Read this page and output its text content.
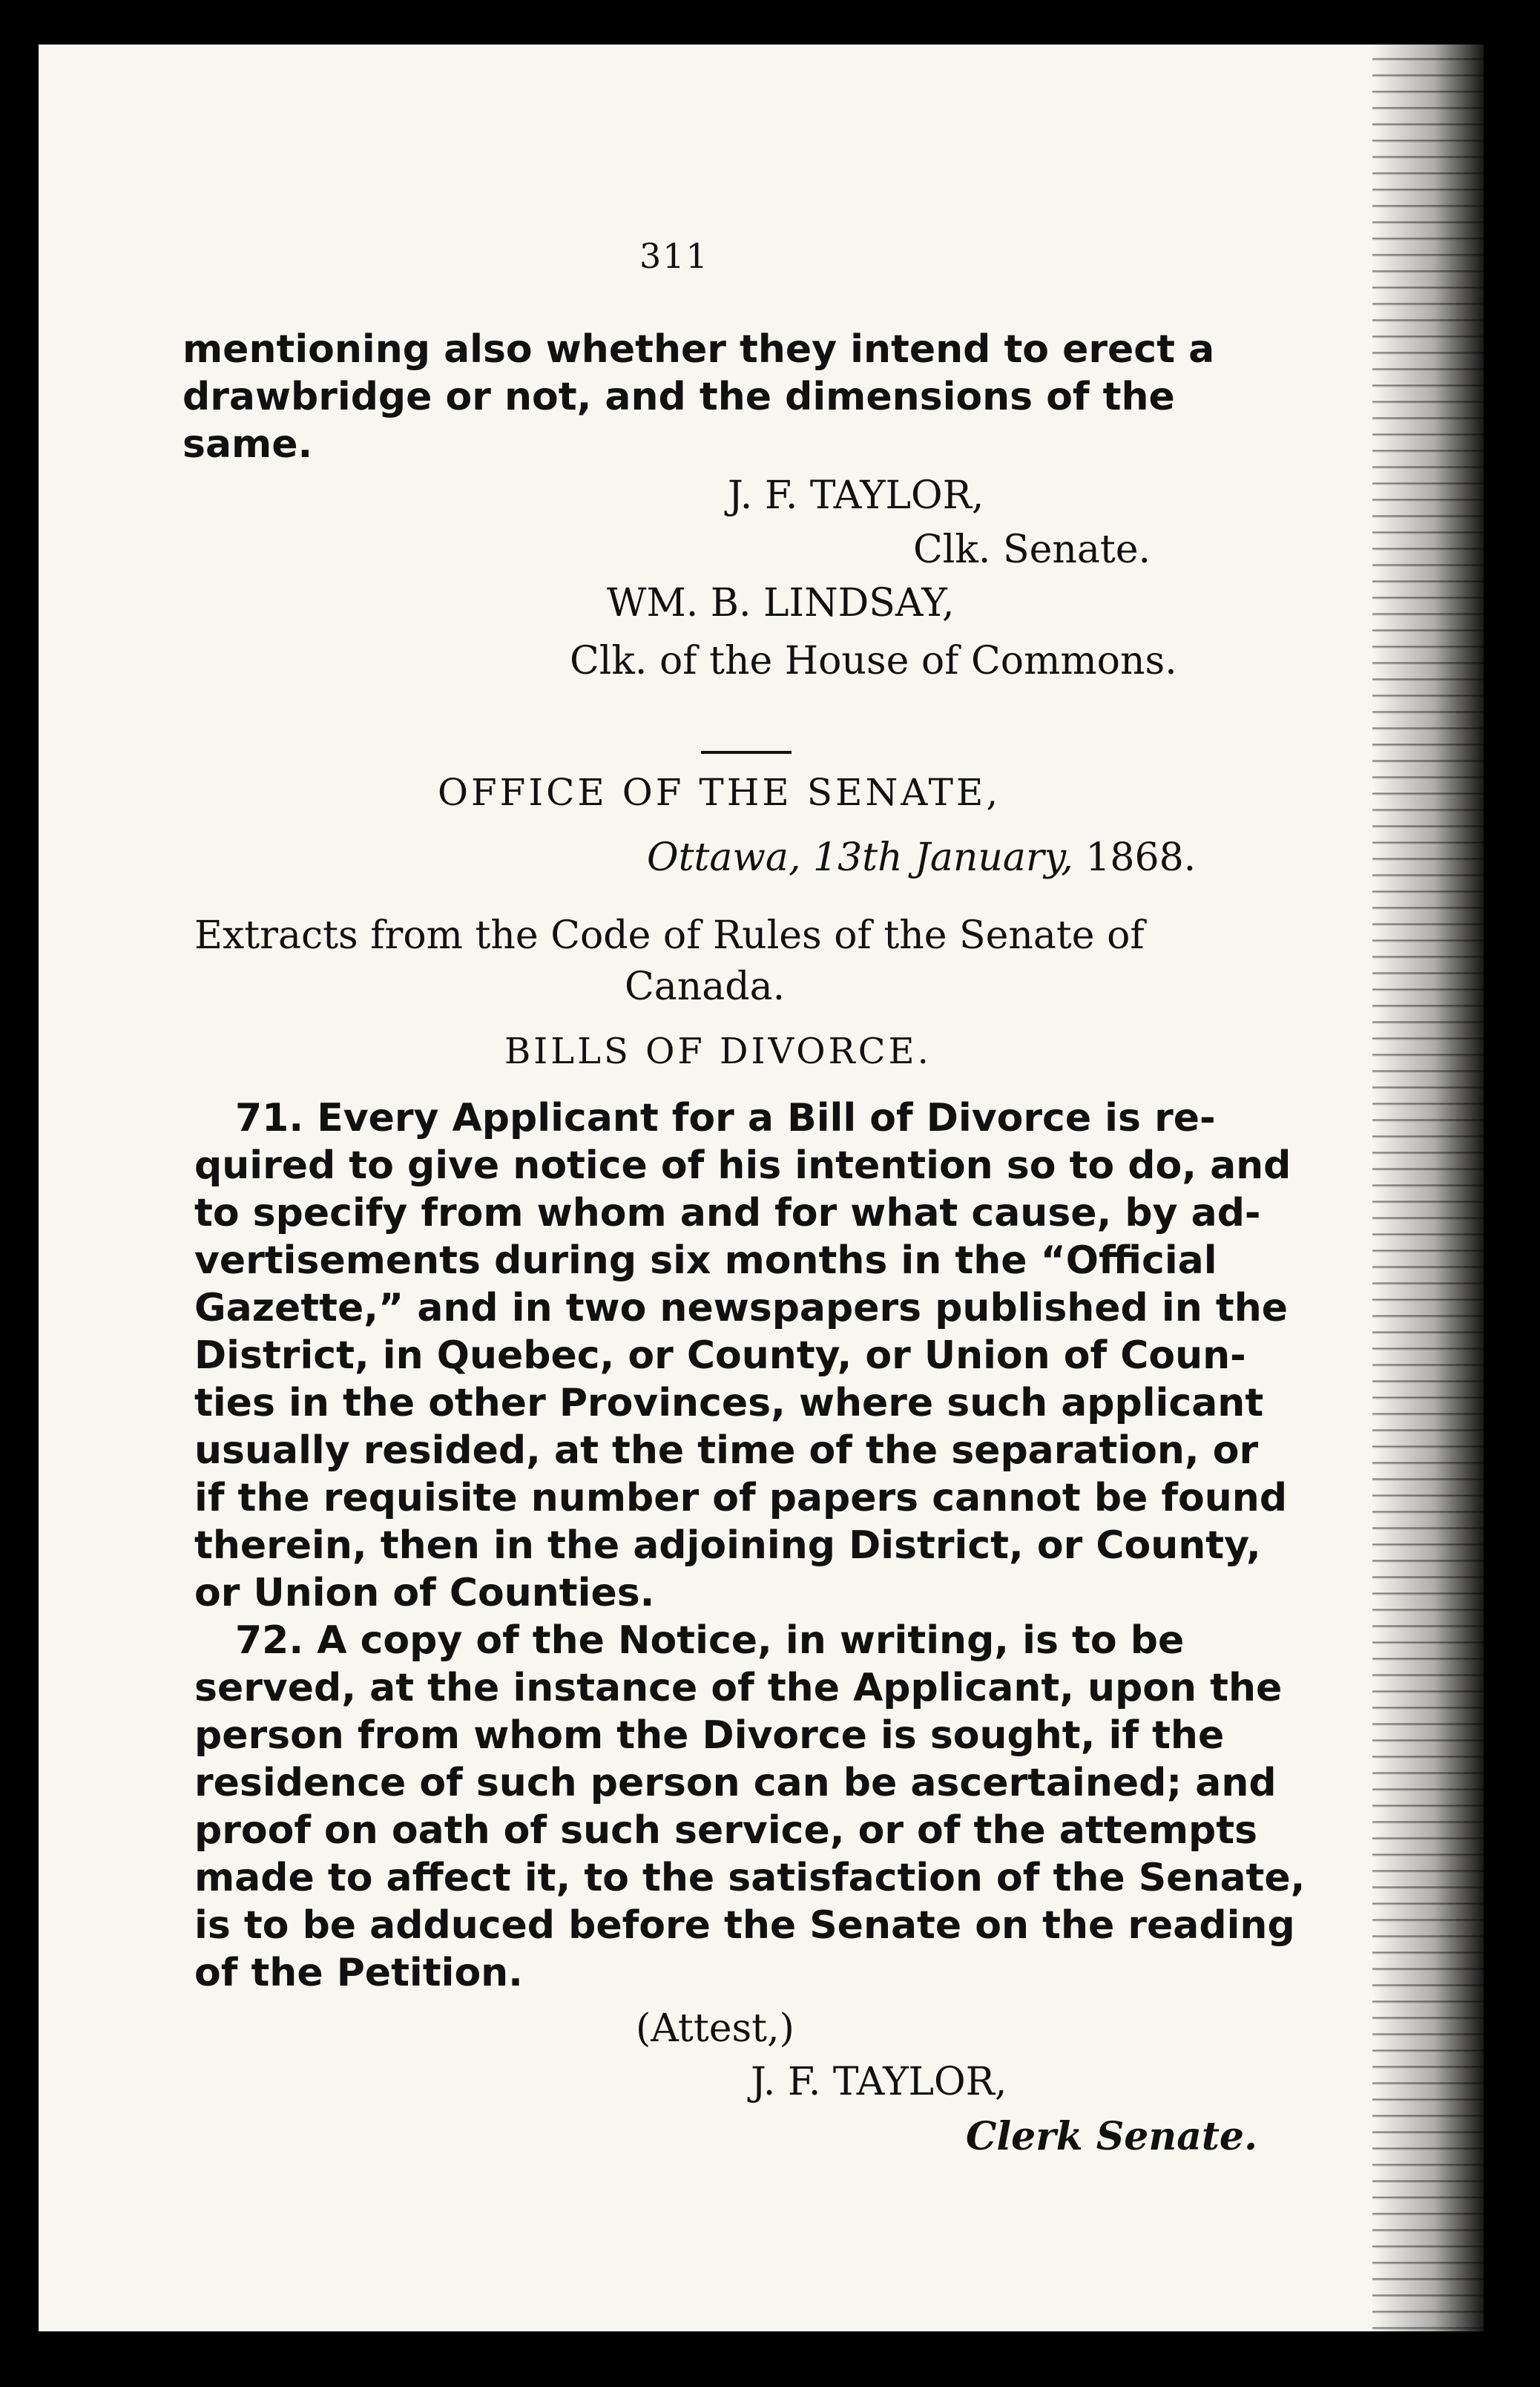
311
mentioning also whether they intend to erect a
drawbridge or not, and the dimensions of the
same.
J. F. TAYLOR,
Clk. Senate.
WM. B. LINDSAY,
Clk. of the House of Commons.
OFFICE OF THE SENATE,
Ottawa, 13th January, 1868.
Extracts from the Code of Rules of the Senate of
Canada.
BILLS OF DIVORCE.
71. Every Applicant for a Bill of Divorce is re-
quired to give notice of his intention so to do, and
to specify from whom and for what cause, by ad-
vertisements during six months in the “Official
Gazette,” and in two newspapers published in the
District, in Quebec, or County, or Union of Coun-
ties in the other Provinces, where such applicant
usually resided, at the time of the separation, or
if the requisite number of papers cannot be found
therein, then in the adjoining District, or County,
or Union of Counties.
72. A copy of the Notice, in writing, is to be
served, at the instance of the Applicant, upon the
person from whom the Divorce is sought, if the
residence of such person can be ascertained; and
proof on oath of such service, or of the attempts
made to affect it, to the satisfaction of the Senate,
is to be adduced before the Senate on the reading
of the Petition.
(Attest,)
J. F. TAYLOR,
Clerk Senate.
